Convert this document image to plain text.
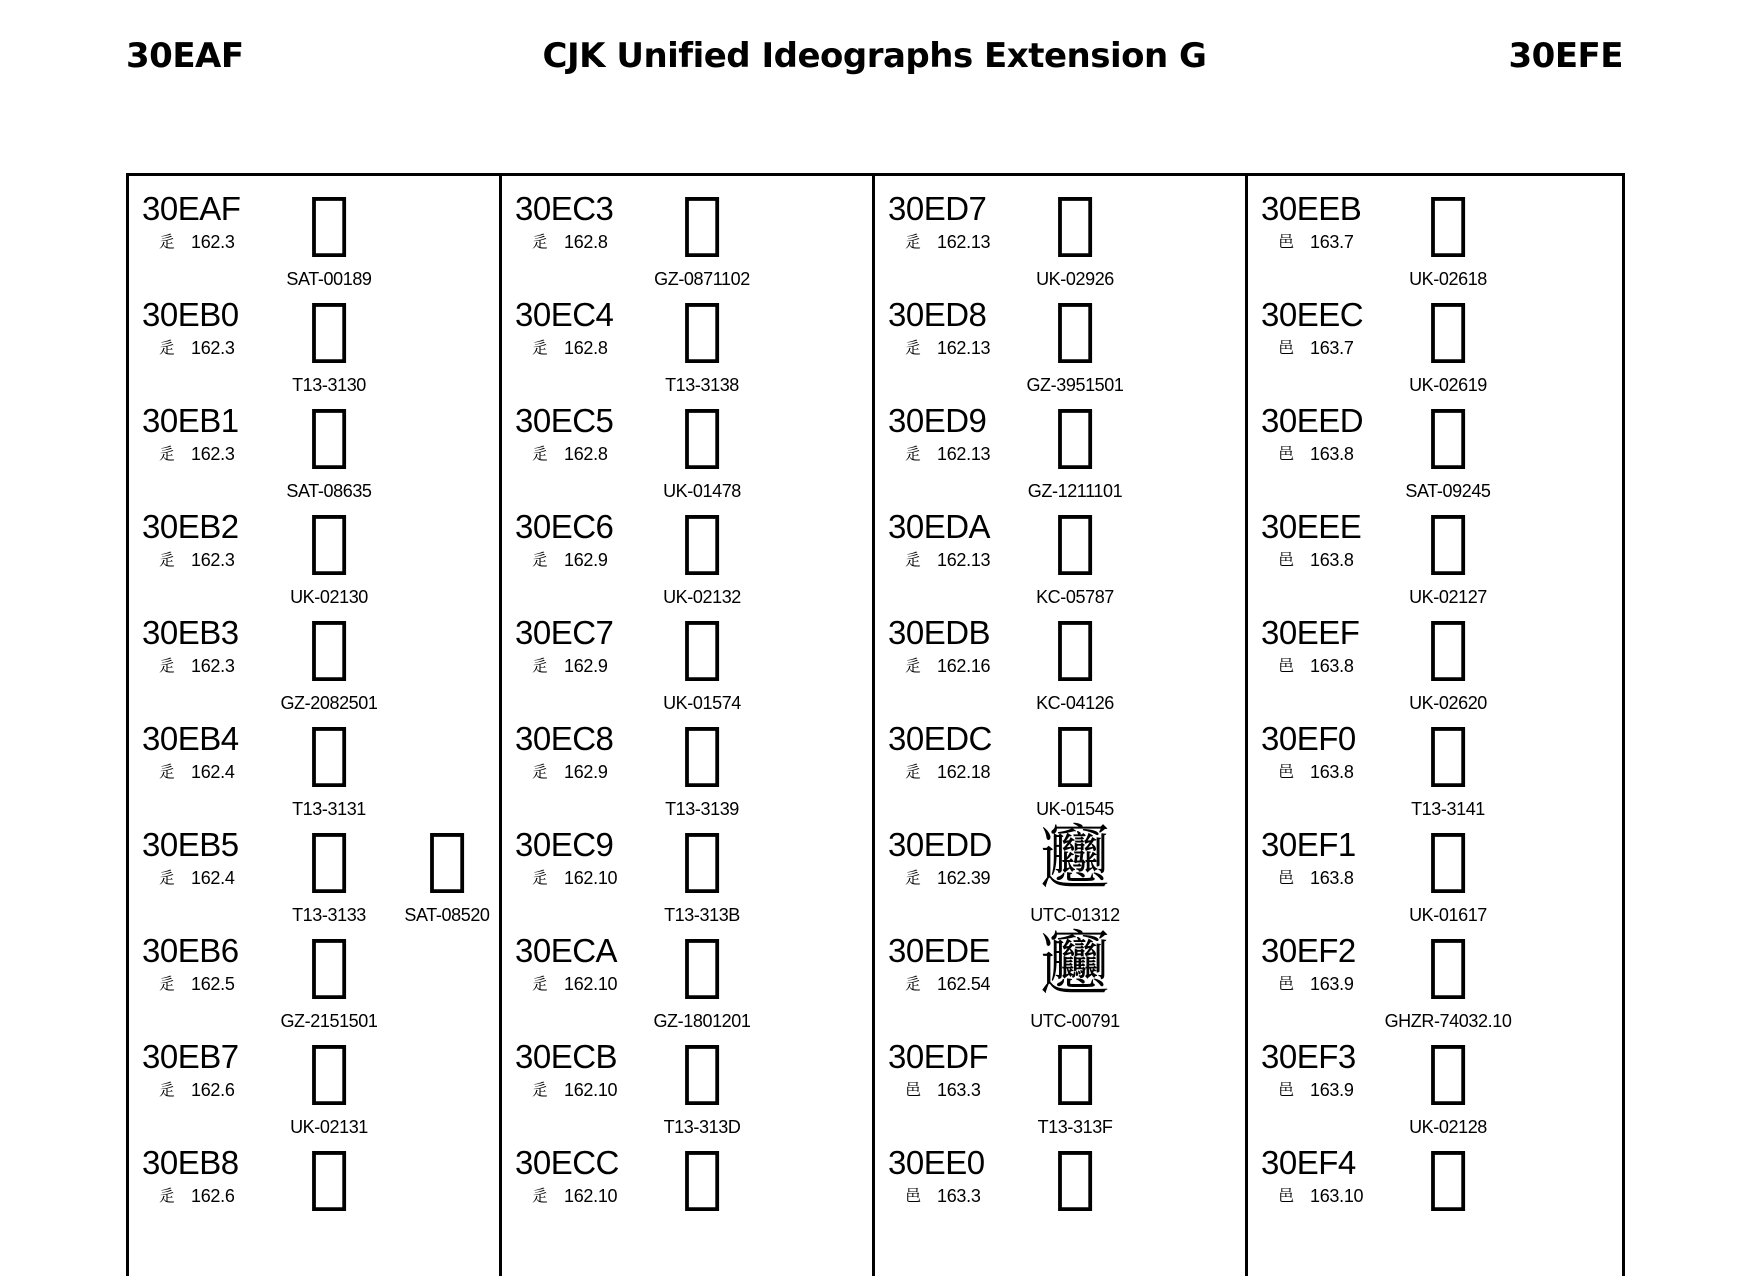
30EAF	CJK Unified Ideographs Extension G	30EFE
30EAF
辵 162.3	𰺯
SAT-00189
30EB0
辵 162.3	𰺰
T13-3130
30EB1
辵 162.3	𰺱
SAT-08635
30EB2
辵 162.3	𰺲
UK-02130
30EB3
辵 162.3	𰺳
GZ-2082501
30EB4
辵 162.4	𰺴
T13-3131
30EB5
辵 162.4	𰺵
T13-3133
𰺵
SAT-08520
30EB6
辵 162.5	𰺶
GZ-2151501
30EB7
辵 162.6	𰺷
UK-02131
30EB8
辵 162.6	𰺸
30EC3
辵 162.8	𰻃
GZ-0871102
30EC4
辵 162.8	𰻄
T13-3138
30EC5
辵 162.8	𰻅
UK-01478
30EC6
辵 162.9	𰻆
UK-02132
30EC7
辵 162.9	𰻇
UK-01574
30EC8
辵 162.9	𰻈
T13-3139
30EC9
辵 162.10 𰻉
T13-313B
30ECA
辵 162.10 𰻊
GZ-1801201
30ECB
辵 162.10 𰻋
T13-313D
30ECC
辵 162.10 𰻌
30ED7
辵 162.13 𰻗
UK-02926
30ED8
辵 162.13 𰻘
GZ-3951501
30ED9
辵 162.13 𰻙
GZ-1211101
30EDA
辵 162.13 𰻚
KC-05787
30EDB
辵 162.16 𰻛
KC-04126
30EDC
辵 162.18 𰻜
UK-01545
30EDD
辵 162.39 𰻝
UTC-01312
30EDE
辵 162.54 𰻞
UTC-00791
30EDF
邑 163.3	𰻟
T13-313F
30EE0
邑 163.3	𰻠
30EEB
邑 163.7	𰻫
UK-02618
30EEC
邑 163.7	𰻬
UK-02619
30EED
邑 163.8	𰻭
SAT-09245
30EEE
邑 163.8	𰻮
UK-02127
30EEF
邑 163.8	𰻯
UK-02620
30EF0
邑 163.8	𰻰
T13-3141
30EF1
邑 163.8	𰻱
UK-01617
30EF2
邑 163.9	𰻲
GHZR-74032.10
30EF3
邑 163.9	𰻳
UK-02128
30EF4
邑 163.10 𰻴
